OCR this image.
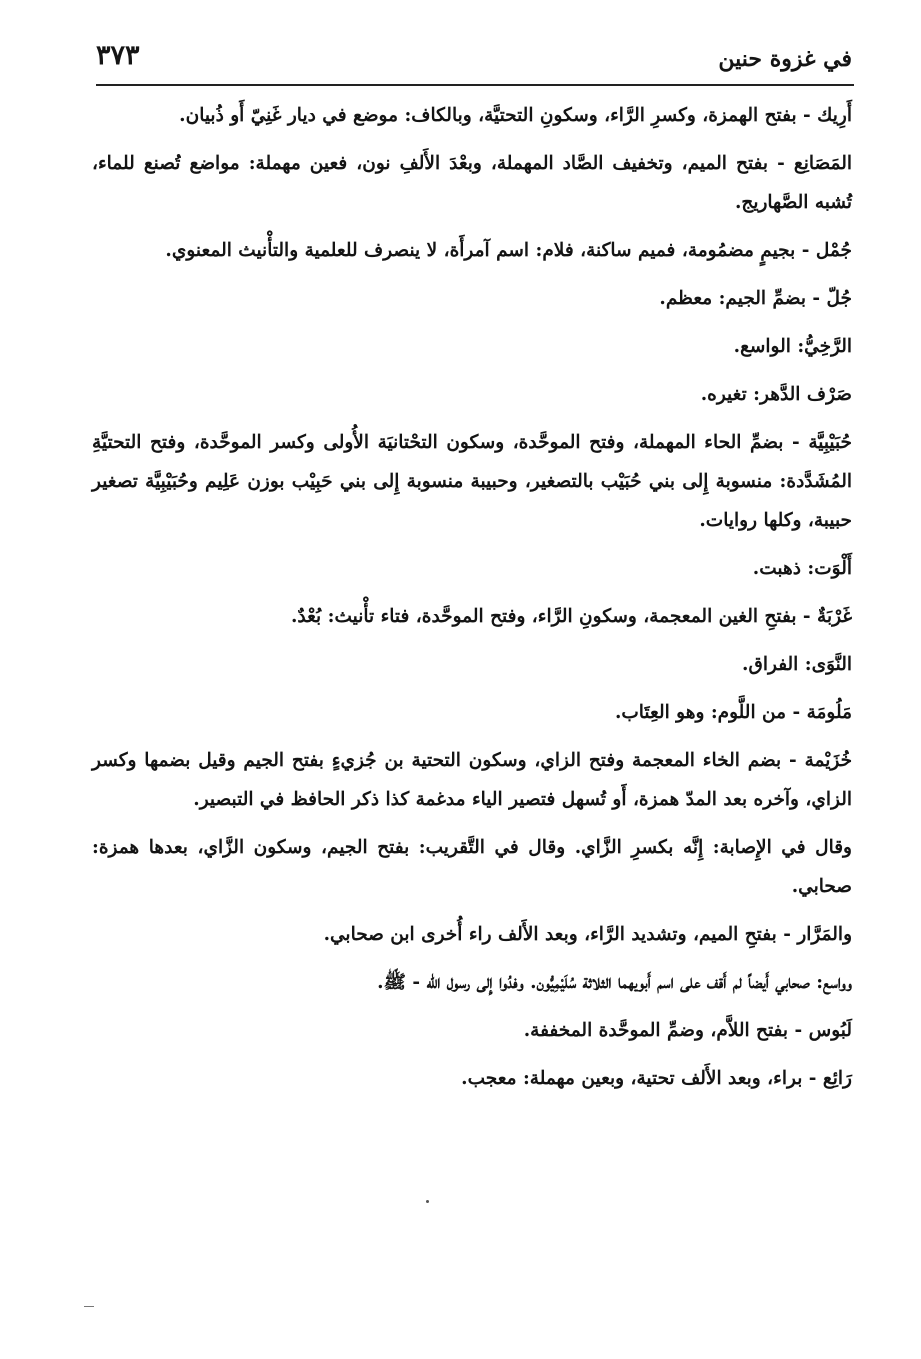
٣٧٣	في غزوة حنين

أَرِيك - بفتح الهمزة، وكسرِ الرَّاء، وسكونِ التحتيَّة، وبالكاف: موضع في ديار غَنِيّ أَو ذُبيان.

المَصَانِع - بفتح الميم، وتخفيف الصَّاد المهملة، وبعْدَ الأَلفِ نون، فعين مهملة: مواضع تُصنع للماء، تُشبه الصَّهاريج.

جُمْل - بجيمٍ مضمُومة، فميم ساكنة، فلام: اسم آمرأَة، لا ينصرف للعلمية والتأْنيث المعنوي.

جُلّ - بضمِّ الجيم: معظم.

الرَّخِيُّ: الواسع.

صَرْف الدَّهر: تغيره.

حُبَيْبِيَّة - بضمِّ الحاء المهملة، وفتح الموحَّدة، وسكون التحْتانيَة الأُولى وكسر الموحَّدة، وفتح التحتيَّةِ المُشَدَّدة: منسوبة إِلى بني حُبَيْب بالتصغير، وحبيبة منسوبة إِلى بني حَبِيْب بوزن عَلِيم وحُبَيْبِيَّة تصغير حبيبة، وكلها روايات.

أَلْوَت: ذهبت.

غَرْبَةٌ - بفتحِ الغين المعجمة، وسكونِ الرَّاء، وفتح الموحَّدة، فتاء تأْنيث: بُعْدٌ.

النَّوَى: الفراق.

مَلُومَة - من اللَّوم: وهو العِتَاب.

خُزَيْمة - بضم الخاء المعجمة وفتح الزاي، وسكون التحتية بن جُزيءٍ بفتح الجيم وقيل بضمها وكسر الزاي، وآخره بعد المدّ همزة، أَو تُسهل فتصير الياء مدغمة كذا ذكر الحافظ في التبصير.

وقال في الإِصابة: إِنَّه بكسرِ الزَّاي. وقال في التَّقريب: بفتح الجيم، وسكون الزَّاي، بعدها همزة: صحابي.

والمَرَّار - بفتحِ الميم، وتشديد الرَّاء، وبعد الأَلف راء أُخرى ابن صحابي.

وواسع: صحابي أَيضاً لم أَقف على اسم أَبويهما الثلاثة سُلَيْمِيُّون. وفدُوا إِلى رسول الله - ﷺ.

لَبُوس - بفتح اللاَّم، وضمِّ الموحَّدة المخففة.

رَائِع - براء، وبعد الأَلف تحتية، وبعين مهملة: معجب.
